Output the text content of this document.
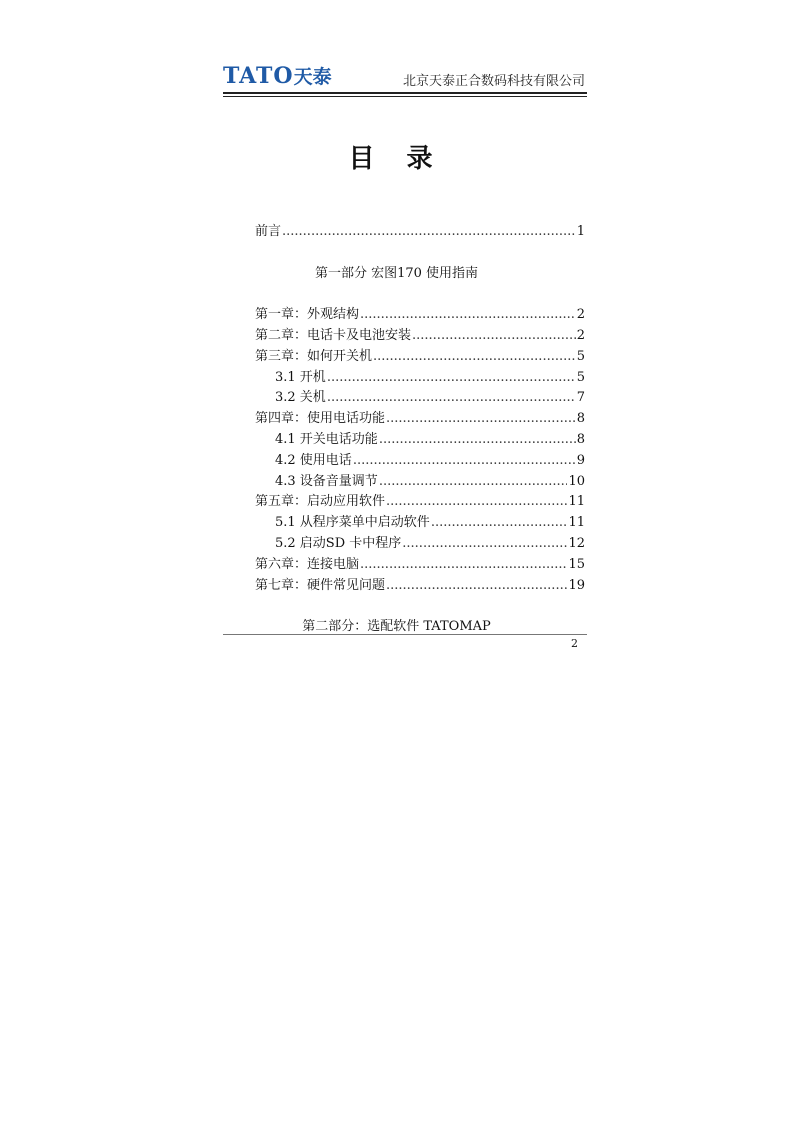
TATO天泰	北京天泰正合数码科技有限公司
目录
前言 .....	1
第一部分 宏图170 使用指南
第一章：外观结构 .....	2
第二章：电话卡及电池安装 .....	2
第三章：如何开关机 .....	5
3.1 开机 .....	5
3.2 关机 .....	7
第四章：使用电话功能 .....	8
4.1 开关电话功能 .....	8
4.2 使用电话 .....	9
4.3 设备音量调节 .....	10
第五章：启动应用软件 .....	11
5.1 从程序菜单中启动软件 .....	11
5.2 启动SD 卡中程序 .....	12
第六章：连接电脑 .....	15
第七章：硬件常见问题 .....	19
第二部分：选配软件 TATOMAP
2
